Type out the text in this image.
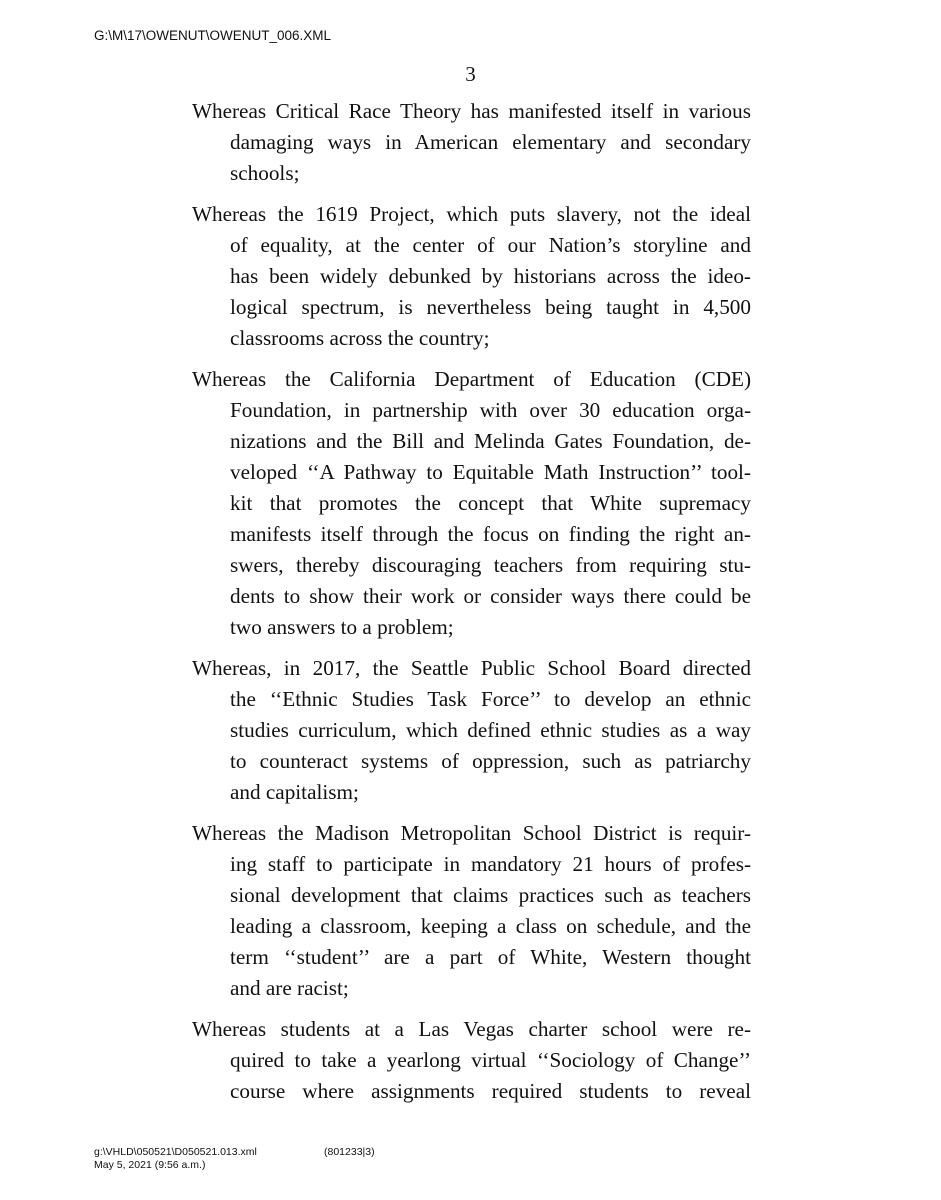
G:\M\17\OWENUT\OWENUT_006.XML
3
Whereas Critical Race Theory has manifested itself in various
damaging ways in American elementary and secondary
schools;
Whereas the 1619 Project, which puts slavery, not the ideal
of equality, at the center of our Nation’s storyline and
has been widely debunked by historians across the ideo-
logical spectrum, is nevertheless being taught in 4,500
classrooms across the country;
Whereas the California Department of Education (CDE)
Foundation, in partnership with over 30 education orga-
nizations and the Bill and Melinda Gates Foundation, de-
veloped ‘‘A Pathway to Equitable Math Instruction’’ tool-
kit that promotes the concept that White supremacy
manifests itself through the focus on finding the right an-
swers, thereby discouraging teachers from requiring stu-
dents to show their work or consider ways there could be
two answers to a problem;
Whereas, in 2017, the Seattle Public School Board directed
the ‘‘Ethnic Studies Task Force’’ to develop an ethnic
studies curriculum, which defined ethnic studies as a way
to counteract systems of oppression, such as patriarchy
and capitalism;
Whereas the Madison Metropolitan School District is requir-
ing staff to participate in mandatory 21 hours of profes-
sional development that claims practices such as teachers
leading a classroom, keeping a class on schedule, and the
term ‘‘student’’ are a part of White, Western thought
and are racist;
Whereas students at a Las Vegas charter school were re-
quired to take a yearlong virtual ‘‘Sociology of Change’’
course where assignments required students to reveal
g:\VHLD\050521\D050521.013.xml	(801233|3)
May 5, 2021 (9:56 a.m.)
